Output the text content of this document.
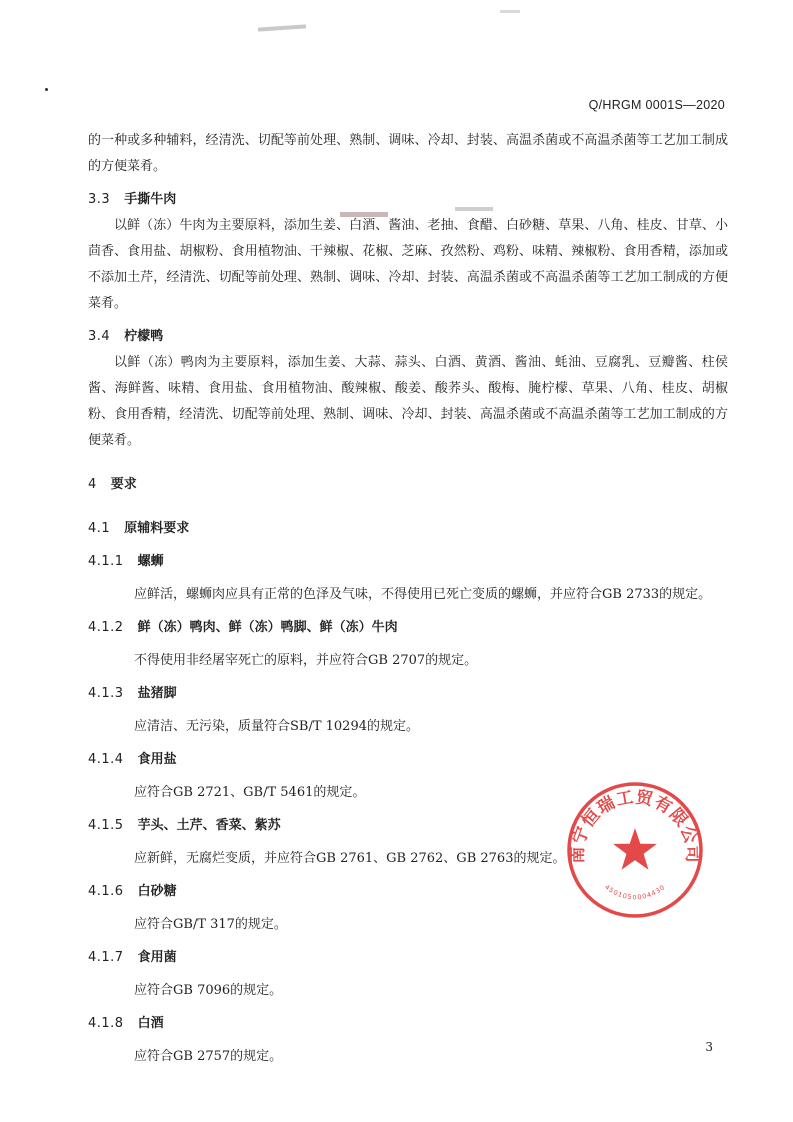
Q/HRGM 0001S—2020

的一种或多种辅料，经清洗、切配等前处理、熟制、调味、冷却、封装、高温杀菌或不高温杀菌等工艺加工制成的方便菜肴。

3.3 手撕牛肉

以鲜（冻）牛肉为主要原料，添加生姜、白酒、酱油、老抽、食醋、白砂糖、草果、八角、桂皮、甘草、小茴香、食用盐、胡椒粉、食用植物油、干辣椒、花椒、芝麻、孜然粉、鸡粉、味精、辣椒粉、食用香精，添加或不添加土芹，经清洗、切配等前处理、熟制、调味、冷却、封装、高温杀菌或不高温杀菌等工艺加工制成的方便菜肴。

3.4 柠檬鸭

以鲜（冻）鸭肉为主要原料，添加生姜、大蒜、蒜头、白酒、黄酒、酱油、蚝油、豆腐乳、豆瓣酱、柱侯酱、海鲜酱、味精、食用盐、食用植物油、酸辣椒、酸姜、酸荞头、酸梅、腌柠檬、草果、八角、桂皮、胡椒粉、食用香精，经清洗、切配等前处理、熟制、调味、冷却、封装、高温杀菌或不高温杀菌等工艺加工制成的方便菜肴。

4 要求
4.1 原辅料要求
4.1.1 螺蛳

应鲜活，螺蛳肉应具有正常的色泽及气味，不得使用已死亡变质的螺蛳，并应符合GB 2733的规定。

4.1.2 鲜（冻）鸭肉、鲜（冻）鸭脚、鲜（冻）牛肉

不得使用非经屠宰死亡的原料，并应符合GB 2707的规定。

4.1.3 盐猪脚

应清洁、无污染，质量符合SB/T 10294的规定。

4.1.4 食用盐

应符合GB 2721、GB/T 5461的规定。

4.1.5 芋头、土芹、香菜、紫苏

应新鲜，无腐烂变质，并应符合GB 2761、GB 2762、GB 2763的规定。

4.1.6 白砂糖

应符合GB/T 317的规定。

4.1.7 食用菌

应符合GB 7096的规定。

4.1.8 白酒

应符合GB 2757的规定。

南宁恒瑞工贸有限公司
4501050004430
3
